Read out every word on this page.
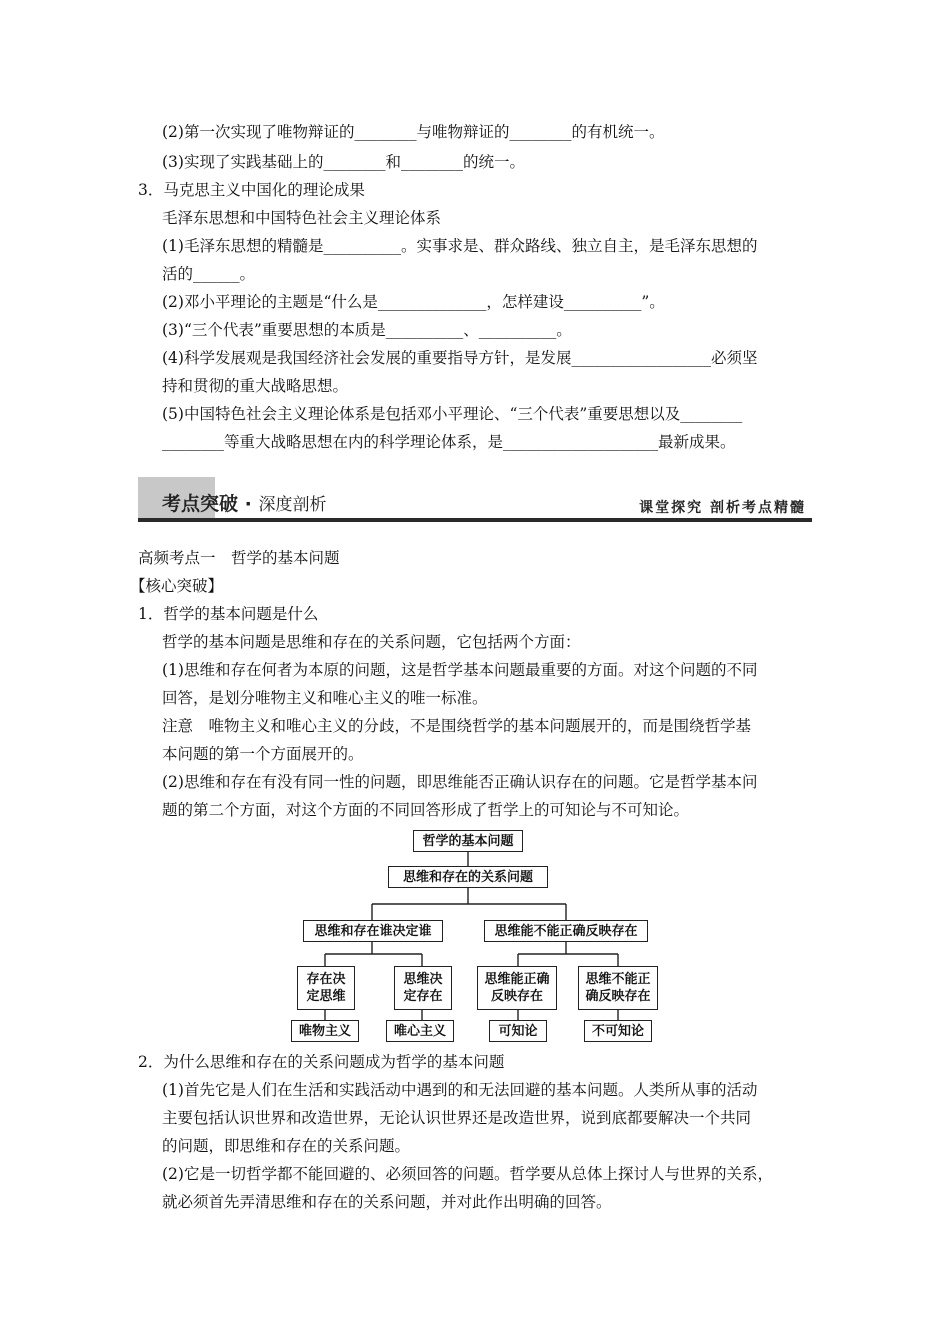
(2)第一次实现了唯物辩证的________与唯物辩证的________的有机统一。
(3)实现了实践基础上的________和________的统一。
3．马克思主义中国化的理论成果
毛泽东思想和中国特色社会主义理论体系
(1)毛泽东思想的精髓是__________。实事求是、群众路线、独立自主，是毛泽东思想的
活的______。
(2)邓小平理论的主题是“什么是______________，怎样建设__________”。
(3)“三个代表”重要思想的本质是__________、__________。
(4)科学发展观是我国经济社会发展的重要指导方针，是发展__________________必须坚
持和贯彻的重大战略思想。
(5)中国特色社会主义理论体系是包括邓小平理论、“三个代表”重要思想以及________
________等重大战略思想在内的科学理论体系，是____________________最新成果。
考点突破 · 深度剖析	课堂探究 剖析考点精髓
高频考点一　哲学的基本问题
【核心突破】
1．哲学的基本问题是什么
哲学的基本问题是思维和存在的关系问题，它包括两个方面：
(1)思维和存在何者为本原的问题，这是哲学基本问题最重要的方面。对这个问题的不同
回答，是划分唯物主义和唯心主义的唯一标准。
注意　唯物主义和唯心主义的分歧，不是围绕哲学的基本问题展开的，而是围绕哲学基
本问题的第一个方面展开的。
(2)思维和存在有没有同一性的问题，即思维能否正确认识存在的问题。它是哲学基本问
题的第二个方面，对这个方面的不同回答形成了哲学上的可知论与不可知论。
哲学的基本问题
思维和存在的关系问题
思维和存在谁决定谁	思维能不能正确反映存在
存在决定思维
思维决定存在
思维能正确反映存在
思维不能正确反映存在
唯物主义	唯心主义	可知论	不可知论
2．为什么思维和存在的关系问题成为哲学的基本问题
(1)首先它是人们在生活和实践活动中遇到的和无法回避的基本问题。人类所从事的活动
主要包括认识世界和改造世界，无论认识世界还是改造世界，说到底都要解决一个共同
的问题，即思维和存在的关系问题。
(2)它是一切哲学都不能回避的、必须回答的问题。哲学要从总体上探讨人与世界的关系，
就必须首先弄清思维和存在的关系问题，并对此作出明确的回答。
